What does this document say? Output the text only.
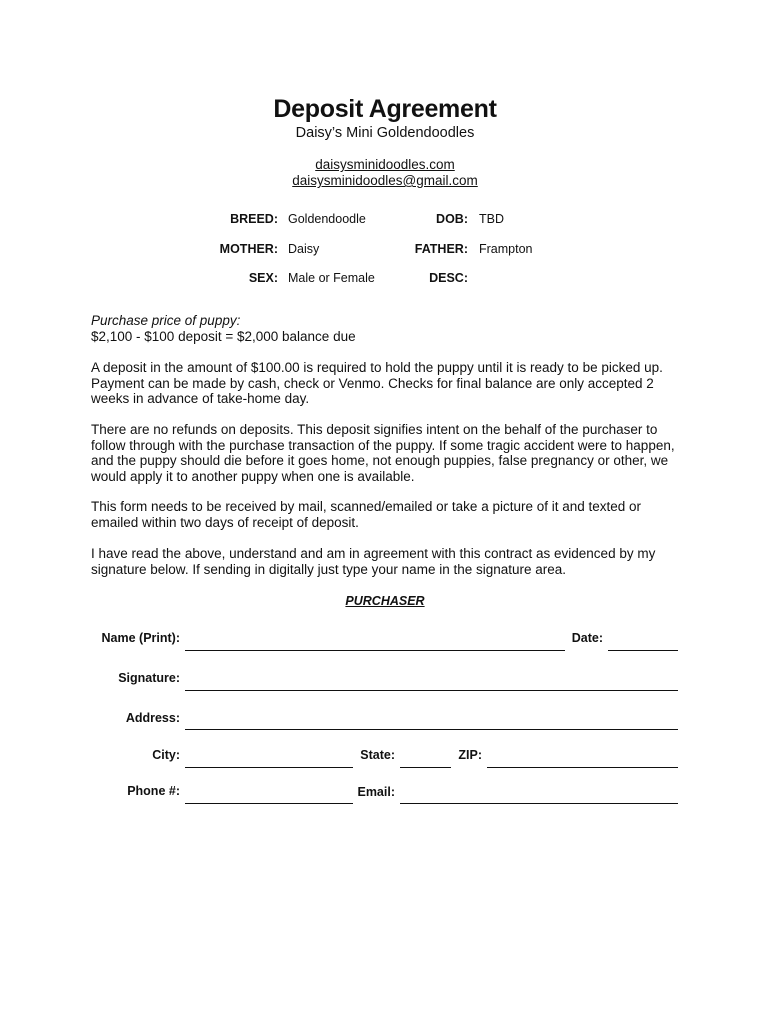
Deposit Agreement
Daisy’s Mini Goldendoodles
daisysminidoodles.com
daisysminidoodles@gmail.com
BREED: Goldendoodle	DOB: TBD
MOTHER: Daisy	FATHER: Frampton
SEX: Male or Female	DESC:

Purchase price of puppy:

$2,100 - $100 deposit = $2,000 balance due

A deposit in the amount of $100.00 is required to hold the puppy until it is ready to be picked up. Payment can be made by cash, check or Venmo. Checks for final balance are only accepted 2 weeks in advance of take-home day.
There are no refunds on deposits. This deposit signifies intent on the behalf of the purchaser to follow through with the purchase transaction of the puppy. If some tragic accident were to happen, and the puppy should die before it goes home, not enough puppies, false pregnancy or other, we would apply it to another puppy when one is available.
This form needs to be received by mail, scanned/emailed or take a picture of it and texted or emailed within two days of receipt of deposit.
I have read the above, understand and am in agreement with this contract as evidenced by my signature below. If sending in digitally just type your name in the signature area.
PURCHASER
Name (Print):	Date:
Signature:
Address:
City:	State:	ZIP:
Phone #:	Email:
